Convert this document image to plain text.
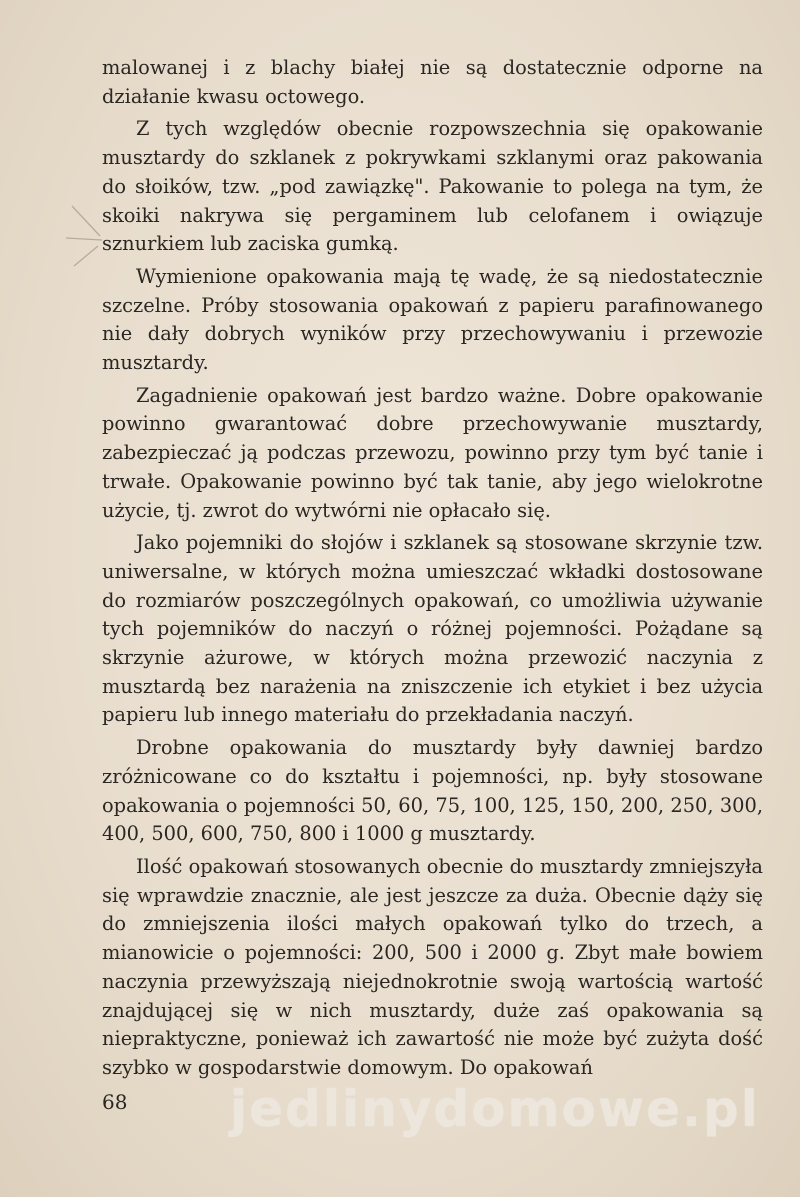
malowanej i z blachy białej nie są dostatecznie odporne na działanie kwasu octowego.

Z tych względów obecnie rozpowszechnia się opakowanie musztardy do szklanek z pokrywkami szklanymi oraz pakowania do słoików, tzw. „pod zawiązkę". Pakowanie to polega na tym, że skoiki nakrywa się pergaminem lub celofanem i owiązuje sznurkiem lub zaciska gumką.

Wymienione opakowania mają tę wadę, że są niedostatecznie szczelne. Próby stosowania opakowań z papieru parafinowanego nie dały dobrych wyników przy przechowywaniu i przewozie musztardy.

Zagadnienie opakowań jest bardzo ważne. Dobre opakowanie powinno gwarantować dobre przechowywanie musztardy, zabezpieczać ją podczas przewozu, powinno przy tym być tanie i trwałe. Opakowanie powinno być tak tanie, aby jego wielokrotne użycie, tj. zwrot do wytwórni nie opłacało się.

Jako pojemniki do słojów i szklanek są stosowane skrzynie tzw. uniwersalne, w których można umieszczać wkładki dostosowane do rozmiarów poszczególnych opakowań, co umożliwia używanie tych pojemników do naczyń o różnej pojemności. Pożądane są skrzynie ażurowe, w których można przewozić naczynia z musztardą bez narażenia na zniszczenie ich etykiet i bez użycia papieru lub innego materiału do przekładania naczyń.

Drobne opakowania do musztardy były dawniej bardzo zróżnicowane co do kształtu i pojemności, np. były stosowane opakowania o pojemności 50, 60, 75, 100, 125, 150, 200, 250, 300, 400, 500, 600, 750, 800 i 1000 g musztardy.

Ilość opakowań stosowanych obecnie do musztardy zmniejszyła się wprawdzie znacznie, ale jest jeszcze za duża. Obecnie dąży się do zmniejszenia ilości małych opakowań tylko do trzech, a mianowicie o pojemności: 200, 500 i 2000 g. Zbyt małe bowiem naczynia przewyższają niejednokrotnie swoją wartością wartość znajdującej się w nich musztardy, duże zaś opakowania są niepraktyczne, ponieważ ich zawartość nie może być zużyta dość szybko w gospodarstwie domowym. Do opakowań

68 jedlinydomowe.pl
